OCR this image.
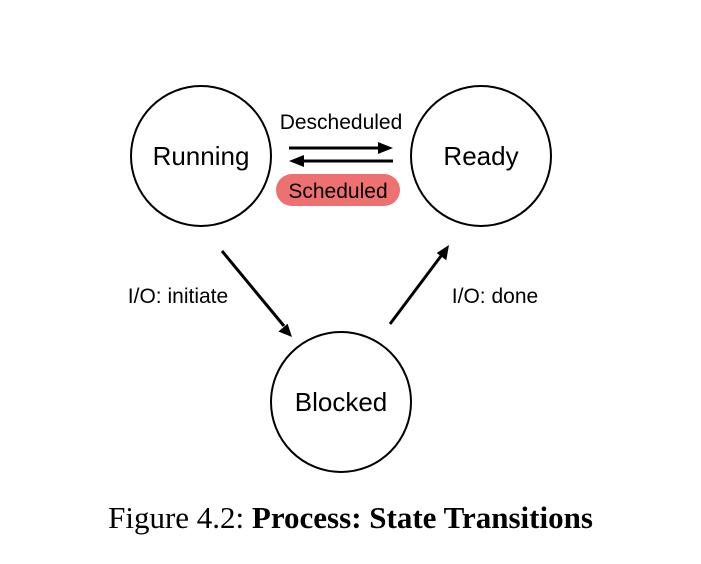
Running	Ready
Blocked
Descheduled
Scheduled
I/O: initiate	I/O: done
Figure 4.2: Process: State Transitions
